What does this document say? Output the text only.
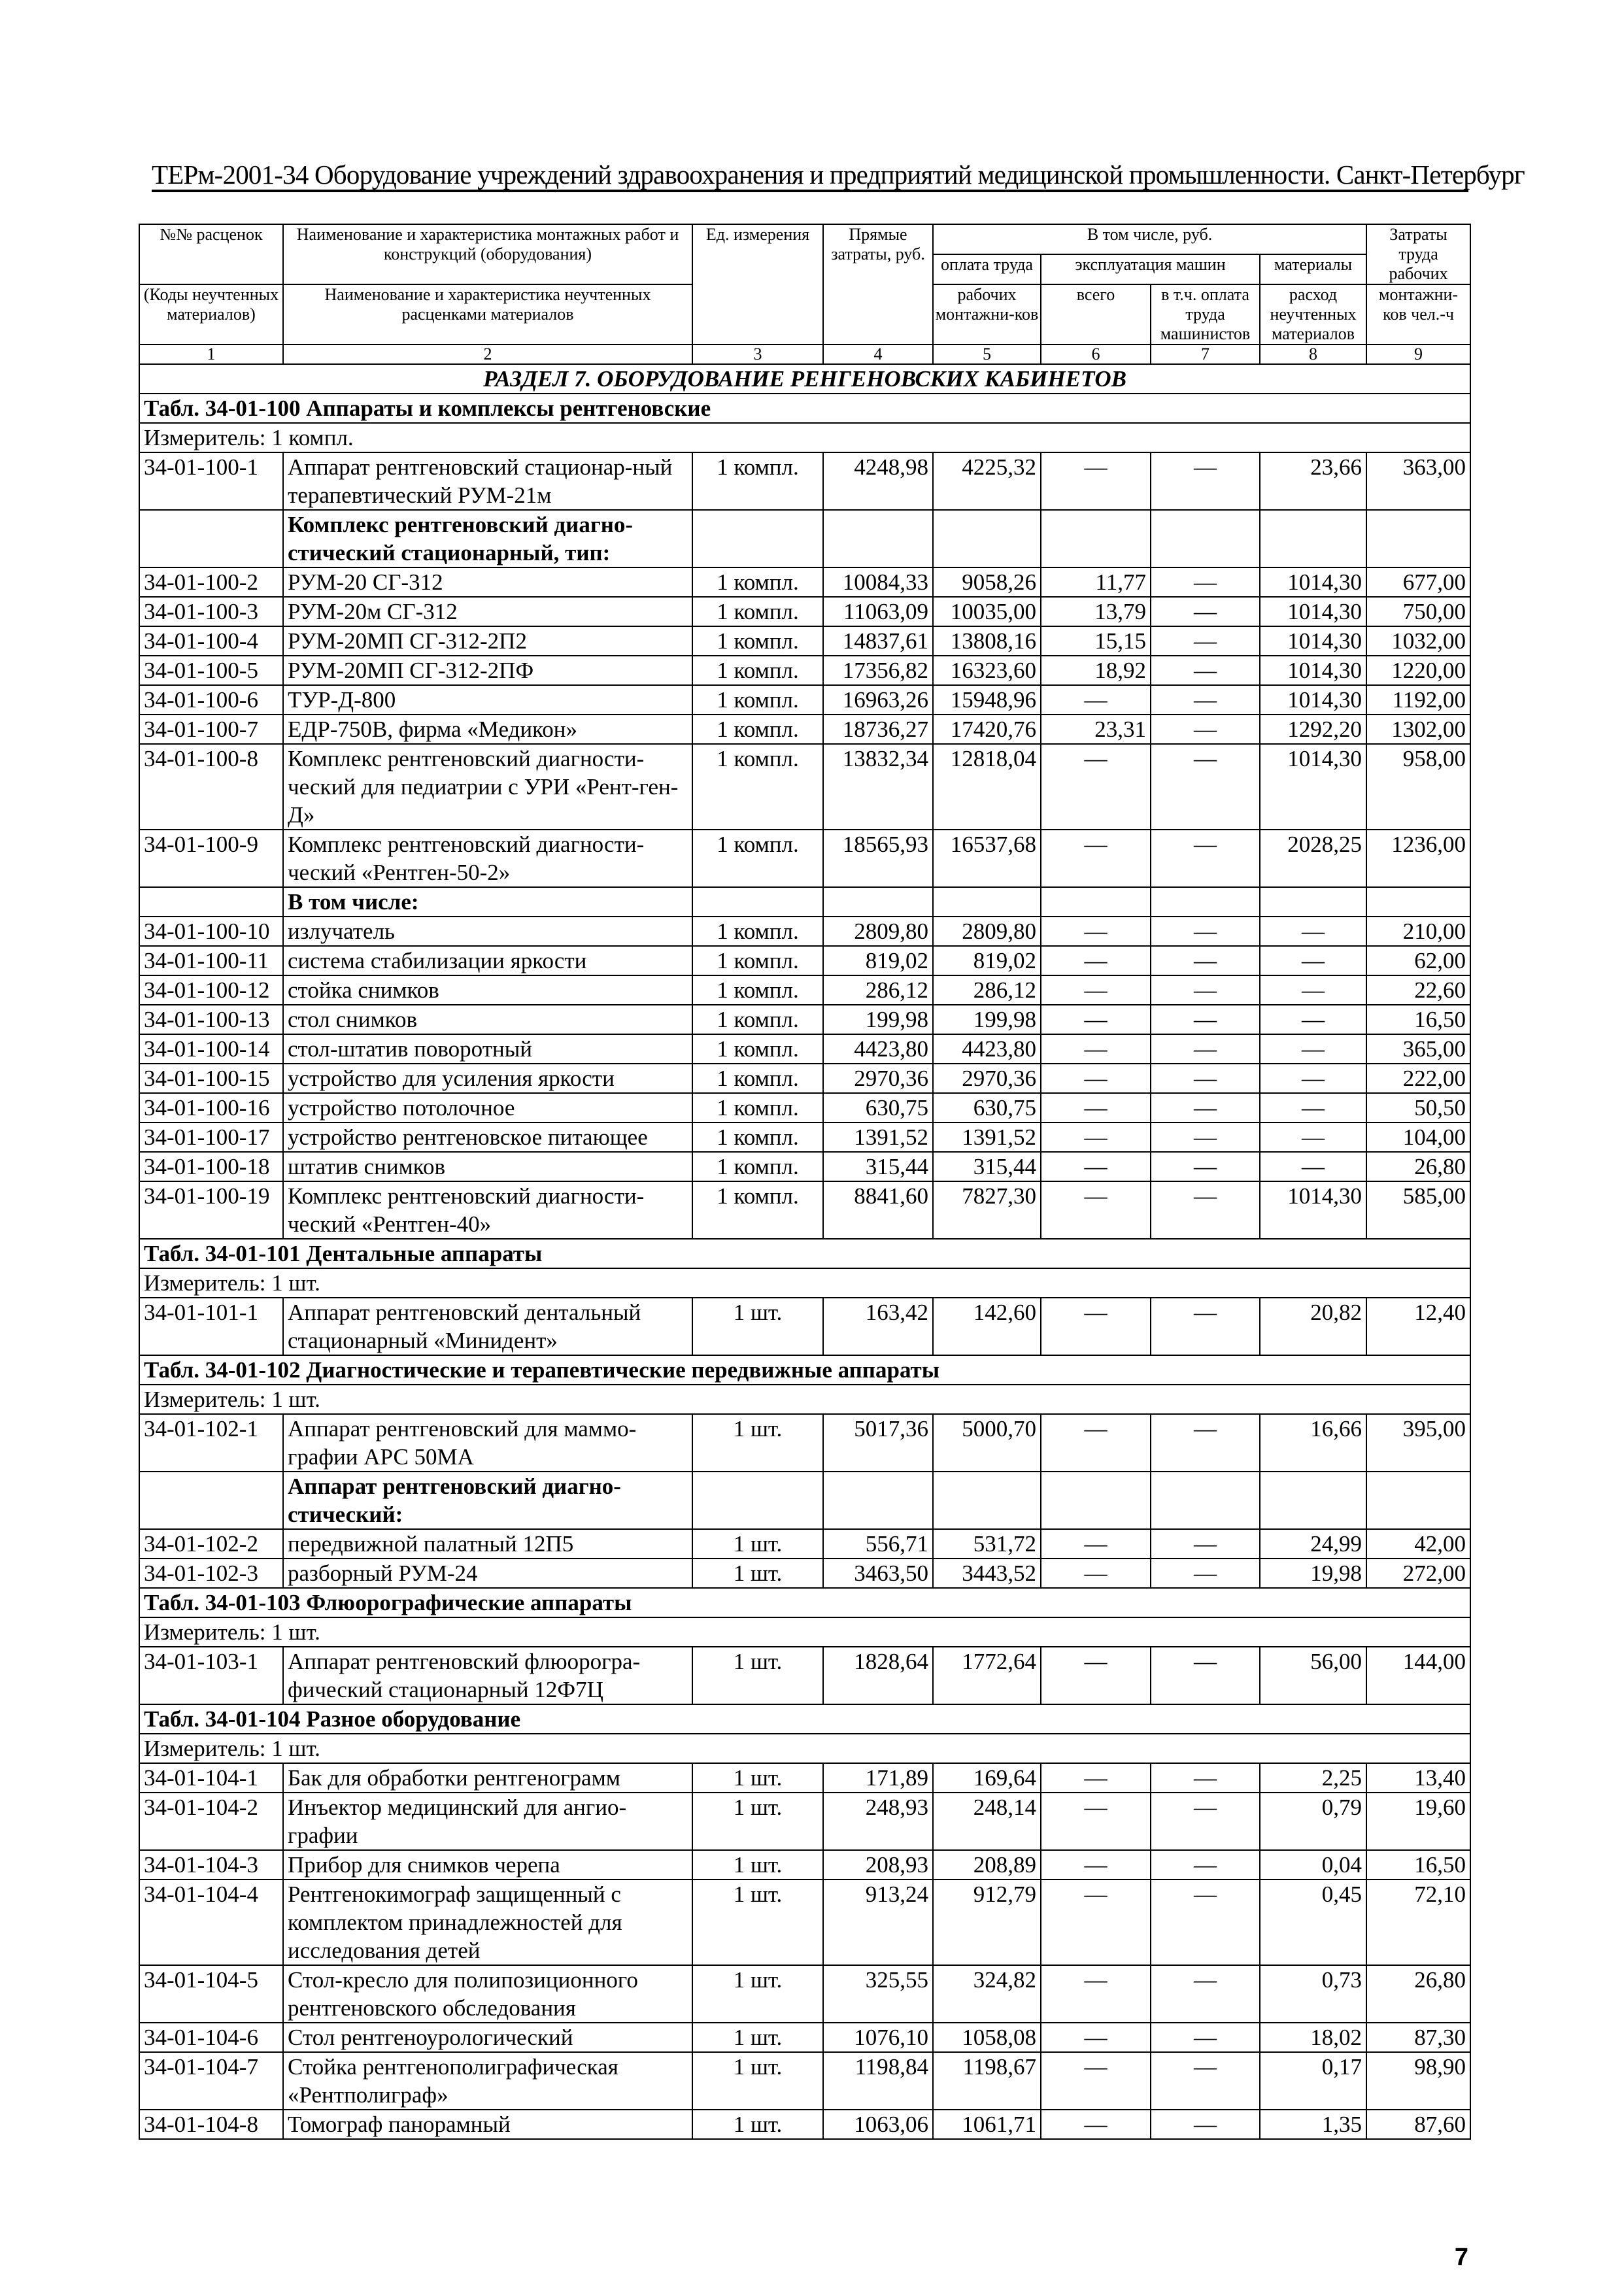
ТЕРм-2001-34 Оборудование учреждений здравоохранения и предприятий медицинской промышленности. Санкт-Петербург
№№ расценок	Наименование и характеристика монтажных работ и конструкций (оборудования)	Ед. измерения	Прямые затраты, руб.	В том числе, руб.				Затраты труда рабочих
				оплата труда	эксплуатация машин		материалы	
(Коды неучтенных материалов)	Наименование и характеристика неучтенных расценками материалов			рабочих монтажни-ков	всего	в т.ч. оплата труда машинистов	расход неучтенных материалов	монтажни-ков чел.-ч

1	2	3	4	5	6	7	8	9
РАЗДЕЛ 7. ОБОРУДОВАНИЕ РЕНГЕНОВСКИХ КАБИНЕТОВ								
Табл. 34-01-100 Аппараты и комплексы рентгеновские								
Измеритель: 1 компл.								
34-01-100-1	Аппарат рентгеновский стационар-ный терапевтический РУМ-21м	1 компл.	4248,98	4225,32	—	—	23,66	363,00
	Комплекс рентгеновский диагно-стический стационарный, тип:							
34-01-100-2	РУМ-20 СГ-312	1 компл.	10084,33	9058,26	11,77	—	1014,30	677,00
34-01-100-3	РУМ-20м СГ-312	1 компл.	11063,09	10035,00	13,79	—	1014,30	750,00
34-01-100-4	РУМ-20МП СГ-312-2П2	1 компл.	14837,61	13808,16	15,15	—	1014,30	1032,00
34-01-100-5	РУМ-20МП СГ-312-2ПФ	1 компл.	17356,82	16323,60	18,92	—	1014,30	1220,00
34-01-100-6	ТУР-Д-800	1 компл.	16963,26	15948,96	—	—	1014,30	1192,00
34-01-100-7	ЕДР-750В, фирма «Медикон»	1 компл.	18736,27	17420,76	23,31	—	1292,20	1302,00
34-01-100-8	Комплекс рентгеновский диагности-ческий для педиатрии с УРИ «Рент-ген-Д»	1 компл.	13832,34	12818,04	—	—	1014,30	958,00
34-01-100-9	Комплекс рентгеновский диагности-ческий «Рентген-50-2»	1 компл.	18565,93	16537,68	—	—	2028,25	1236,00
	В том числе:							
34-01-100-10	излучатель	1 компл.	2809,80	2809,80	—	—	—	210,00
34-01-100-11	система стабилизации яркости	1 компл.	819,02	819,02	—	—	—	62,00
34-01-100-12	стойка снимков	1 компл.	286,12	286,12	—	—	—	22,60
34-01-100-13	стол снимков	1 компл.	199,98	199,98	—	—	—	16,50
34-01-100-14	стол-штатив поворотный	1 компл.	4423,80	4423,80	—	—	—	365,00
34-01-100-15	устройство для усиления яркости	1 компл.	2970,36	2970,36	—	—	—	222,00
34-01-100-16	устройство потолочное	1 компл.	630,75	630,75	—	—	—	50,50
34-01-100-17	устройство рентгеновское питающее	1 компл.	1391,52	1391,52	—	—	—	104,00
34-01-100-18	штатив снимков	1 компл.	315,44	315,44	—	—	—	26,80
34-01-100-19	Комплекс рентгеновский диагности-ческий «Рентген-40»	1 компл.	8841,60	7827,30	—	—	1014,30	585,00
Табл. 34-01-101 Дентальные аппараты								
Измеритель: 1 шт.								
34-01-101-1	Аппарат рентгеновский дентальный стационарный «Минидент»	1 шт.	163,42	142,60	—	—	20,82	12,40
Табл. 34-01-102 Диагностические и терапевтические передвижные аппараты								
Измеритель: 1 шт.								
34-01-102-1	Аппарат рентгеновский для маммо-графии АРС 50МА	1 шт.	5017,36	5000,70	—	—	16,66	395,00
	Аппарат рентгеновский диагно-стический:							
34-01-102-2	передвижной палатный 12П5	1 шт.	556,71	531,72	—	—	24,99	42,00
34-01-102-3	разборный РУМ-24	1 шт.	3463,50	3443,52	—	—	19,98	272,00
Табл. 34-01-103 Флюорографические аппараты								
Измеритель: 1 шт.								
34-01-103-1	Аппарат рентгеновский флюорогра-фический стационарный 12Ф7Ц	1 шт.	1828,64	1772,64	—	—	56,00	144,00
Табл. 34-01-104 Разное оборудование								
Измеритель: 1 шт.								
34-01-104-1	Бак для обработки рентгенограмм	1 шт.	171,89	169,64	—	—	2,25	13,40
34-01-104-2	Инъектор медицинский для ангио-графии	1 шт.	248,93	248,14	—	—	0,79	19,60
34-01-104-3	Прибор для снимков черепа	1 шт.	208,93	208,89	—	—	0,04	16,50
34-01-104-4	Рентгенокимограф защищенный с комплектом принадлежностей для исследования детей	1 шт.	913,24	912,79	—	—	0,45	72,10
34-01-104-5	Стол-кресло для полипозиционного рентгеновского обследования	1 шт.	325,55	324,82	—	—	0,73	26,80
34-01-104-6	Стол рентгеноурологический	1 шт.	1076,10	1058,08	—	—	18,02	87,30
34-01-104-7	Стойка рентгенополиграфическая «Рентполиграф»	1 шт.	1198,84	1198,67	—	—	0,17	98,90
34-01-104-8	Томограф панорамный	1 шт.	1063,06	1061,71	—	—	1,35	87,60
7
